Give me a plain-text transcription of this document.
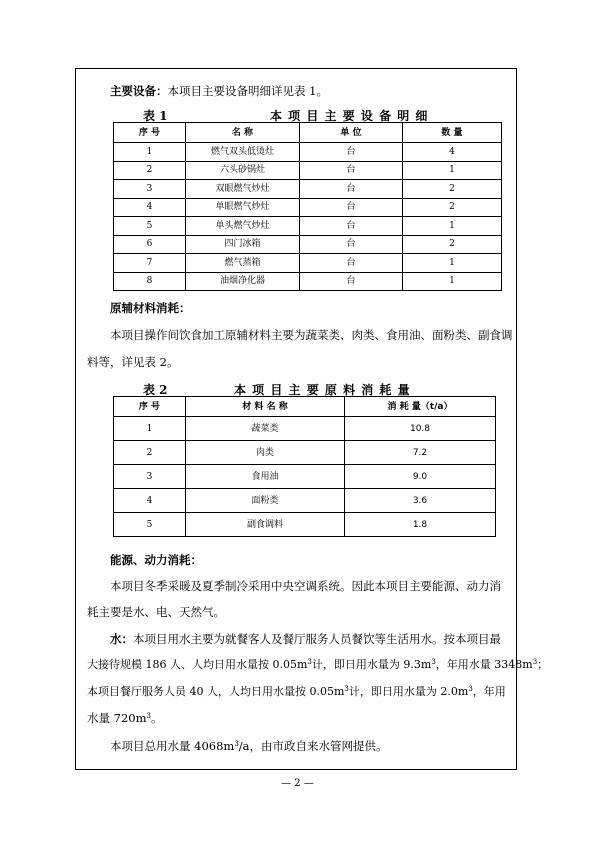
主要设备：本项目主要设备明细详见表 1。
表 1	本 项 目 主 要 设 备 明 细
序 号	名 称	单 位	数 量
1	燃气双头低烫灶	台	4
2	六头砂锅灶	台	1
3	双眼燃气炒灶	台	2
4	单眼燃气炒灶	台	2
5	单头燃气炒灶	台	1
6	四门冰箱	台	2
7	燃气蒸箱	台	1
8	油烟净化器	台	1
原辅材料消耗：
本项目操作间饮食加工原辅材料主要为蔬菜类、肉类、食用油、面粉类、副食调
料等，详见表 2。
表 2	本 项 目 主 要 原 料 消 耗 量
序 号	材 料 名 称	消 耗 量（t/a）
1	蔬菜类	10.8
2	肉类	7.2
3	食用油	9.0
4	面粉类	3.6
5	副食调料	1.8
能源、动力消耗：
本项目冬季采暖及夏季制冷采用中央空调系统。因此本项目主要能源、动力消
耗主要是水、电、天然气。
水：本项目用水主要为就餐客人及餐厅服务人员餐饮等生活用水。按本项目最
大接待规模 186 人、人均日用水量按 $0.05m^3$计，即日用水量为 $9.3m^3$，年用水量 $3348m^3$；
本项目餐厅服务人员 40 人，人均日用水量按 $0.05m^3$计，即日用水量为 $2.0m^3$，年用
水量 $720m^3$。
本项目总用水量 $4068m^3/a$，由市政自来水管网提供。
— 2 —
